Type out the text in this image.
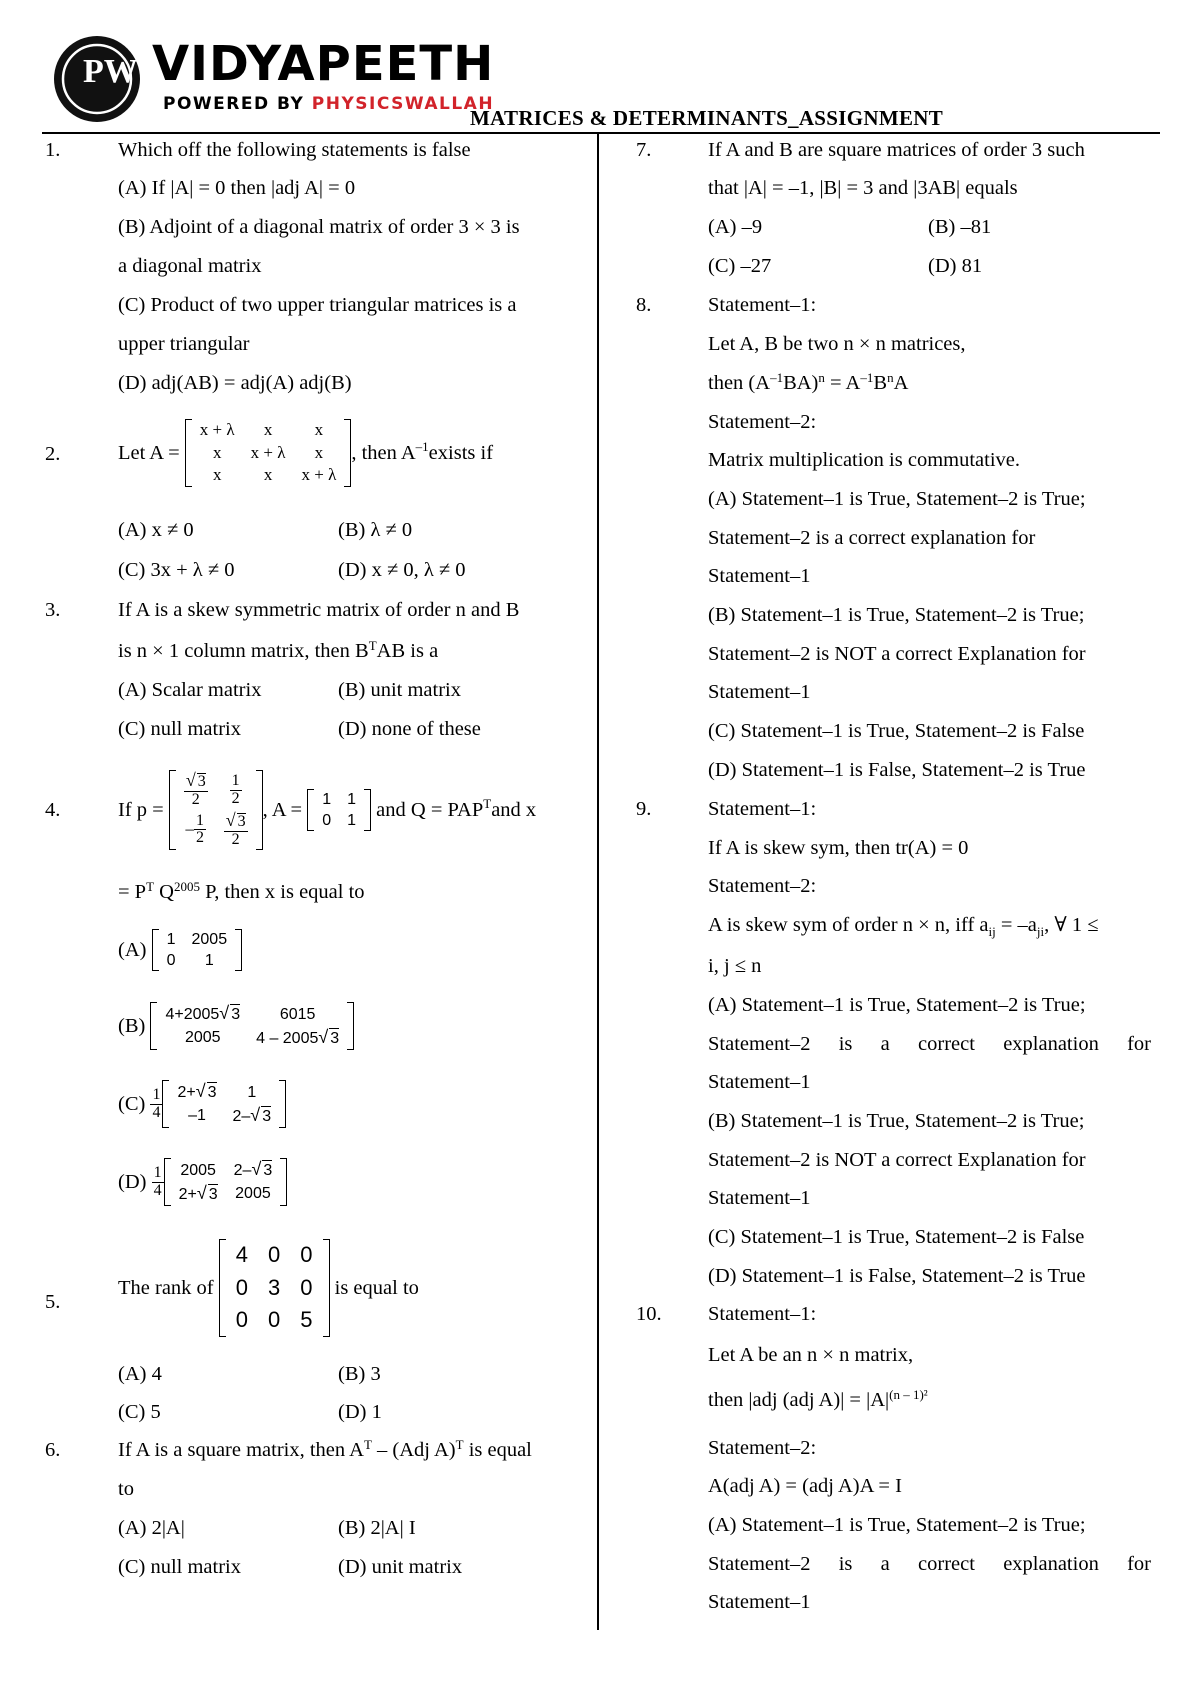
PW VIDYAPEETH
POWERED BY PHYSICSWALLAH
MATRICES & DETERMINANTS_ASSIGNMENT
1.	Which off the following statements is false
(A) If |A| = 0 then |adj A| = 0
(B) Adjoint of a diagonal matrix of order 3 × 3 is
a diagonal matrix
(C) Product of two upper triangular matrices is a
upper triangular
(D) adj(AB) = adj(A) adj(B)
2.	Let A =

x + λ	x	x
x	x + λ	x
x	x	x + λ
, then $A^{-1}$ exists if
(A) x ≠ 0	(B) λ ≠ 0
(C) 3x + λ ≠ 0	(D) x ≠ 0, λ ≠ 0
3.	If A is a skew symmetric matrix of order n and B
is n × 1 column matrix, then $B^TAB$ is a
(A) Scalar matrix	(B) unit matrix
(C) null matrix	(D) none of these
4.	If p =

$\frac{√ 3}{2}$	$\frac{1}{2}$

– $\frac{1}{2}$	$\frac{√ 3}{2}$
, A =
1	1
0	1
and $Q = PAP^T$ and x
= $P^T$ $Q^{2005}$ P, then x is equal to
(A)
1	2005
0	1
(B)
4+2005√ 3	6015
2005	4 – 2005√ 3
(C)
1
4
2+√ 3	1
–1	2–√ 3
(D)
1
4
2005	2–√ 3
2+√ 3	2005
5.
The rank of

4	0	0
0	3	0
0	0	5

is equal to
(A) 4	(B) 3
(C) 5	(D) 1
6.	If A is a square matrix, then $A^T - (Adj$ A)$^T$ is equal
to
(A) 2|A|	(B) 2|A| I
(C) null matrix	(D) unit matrix
7.	If A and B are square matrices of order 3 such
that |A| = –1, |B| = 3 and |3AB| equals
(A) –9	(B) –81
(C) –27	(D) 81
8.	Statement–1:
Let A, B be two n × n matrices,
then $(A^{-1}BA)^n = A^{-1}B^nA$
Statement–2:
Matrix multiplication is commutative.
(A) Statement–1 is True, Statement–2 is True;
Statement–2 is a correct explanation for
Statement–1
(B) Statement–1 is True, Statement–2 is True;
Statement–2 is NOT a correct Explanation for
Statement–1
(C) Statement–1 is True, Statement–2 is False
(D) Statement–1 is False, Statement–2 is True
9.	Statement–1:
If A is skew sym, then tr(A) = 0
Statement–2:
A is skew sym of order n × n, iff $a_{ij} = -a_{ji}$, ∀ 1 ≤
i, j ≤ n
(A) Statement–1 is True, Statement–2 is True;
Statement–2 is a correct explanation for
Statement–1
(B) Statement–1 is True, Statement–2 is True;
Statement–2 is NOT a correct Explanation for
Statement–1
(C) Statement–1 is True, Statement–2 is False
(D) Statement–1 is False, Statement–2 is True
10. Statement–1:
Let A be an n × n matrix,
then |adj (adj $A)| = |A|^{(n - 1)^2}$
Statement–2:
A(adj A) = (adj A)A = I
(A) Statement–1 is True, Statement–2 is True;
Statement–2 is a correct explanation for
Statement–1
